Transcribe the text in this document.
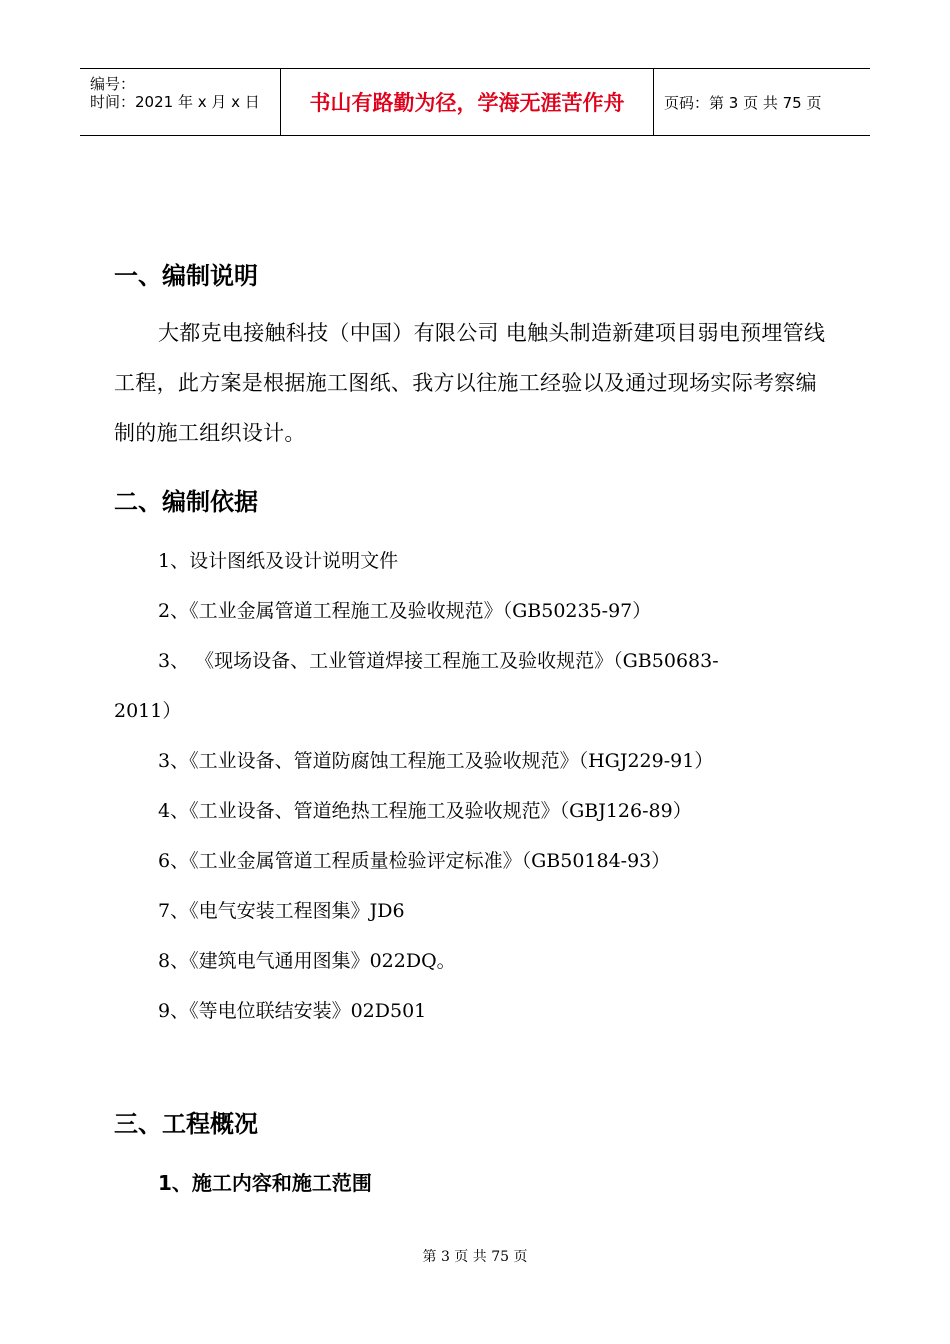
编号：
时间：2021 年 x 月 x 日 书山有路勤为径，学海无涯苦作舟	页码：第 3 页 共 75 页
一、编制说明
大都克电接触科技（中国）有限公司 电触头制造新建项目弱电预埋管线工程，此方案是根据施工图纸、我方以往施工经验以及通过现场实际考察编制的施工组织设计。
二、编制依据
1、设计图纸及设计说明文件
2、《工业金属管道工程施工及验收规范》（GB50235-97）
3、 《现场设备、工业管道焊接工程施工及验收规范》（GB50683-
2011）
3、《工业设备、管道防腐蚀工程施工及验收规范》（HGJ229-91）
4、《工业设备、管道绝热工程施工及验收规范》（GBJ126-89）
6、《工业金属管道工程质量检验评定标准》（GB50184-93）
7、《电气安装工程图集》JD6
8、《建筑电气通用图集》022DQ。
9、《等电位联结安装》02D501
三、工程概况
1、施工内容和施工范围
第 3 页 共 75 页
